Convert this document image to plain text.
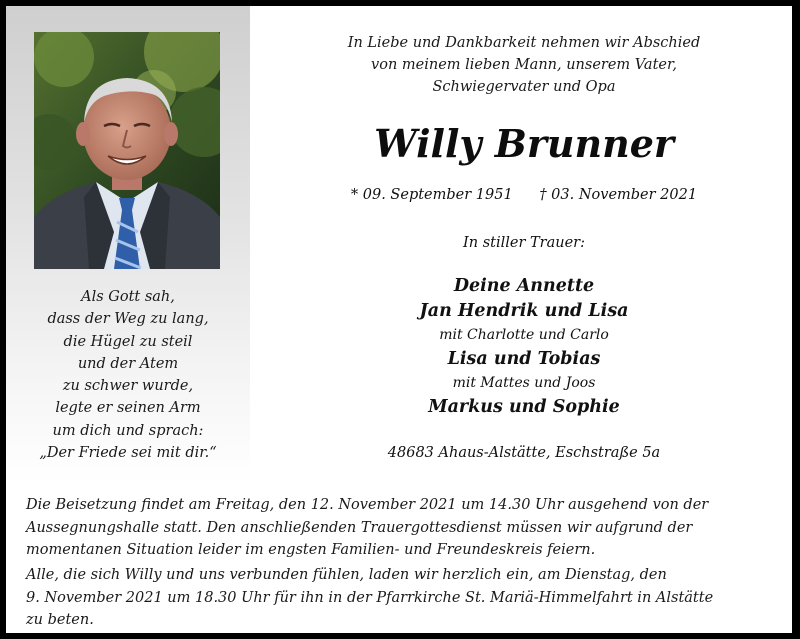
Als Gott sah,
dass der Weg zu lang,
die Hügel zu steil
und der Atem
zu schwer wurde,
legte er seinen Arm
um dich und sprach:
„Der Friede sei mit dir.“
In Liebe und Dankbarkeit nehmen wir Abschied
von meinem lieben Mann, unserem Vater,
Schwiegervater und Opa
Willy Brunner
* 09. September 1951 † 03. November 2021
In stiller Trauer:
Deine Annette
Jan Hendrik und Lisa
mit Charlotte und Carlo
Lisa und Tobias
mit Mattes und Joos
Markus und Sophie
48683 Ahaus-Alstätte, Eschstraße 5a
Die Beisetzung findet am Freitag, den 12. November 2021 um 14.30 Uhr ausgehend von der
Aussegnungshalle statt. Den anschließenden Trauergottesdienst müssen wir aufgrund der
momentanen Situation leider im engsten Familien- und Freundeskreis feiern.
Alle, die sich Willy und uns verbunden fühlen, laden wir herzlich ein, am Dienstag, den
9. November 2021 um 18.30 Uhr für ihn in der Pfarrkirche St. Mariä-Himmelfahrt in Alstätte
zu beten.
